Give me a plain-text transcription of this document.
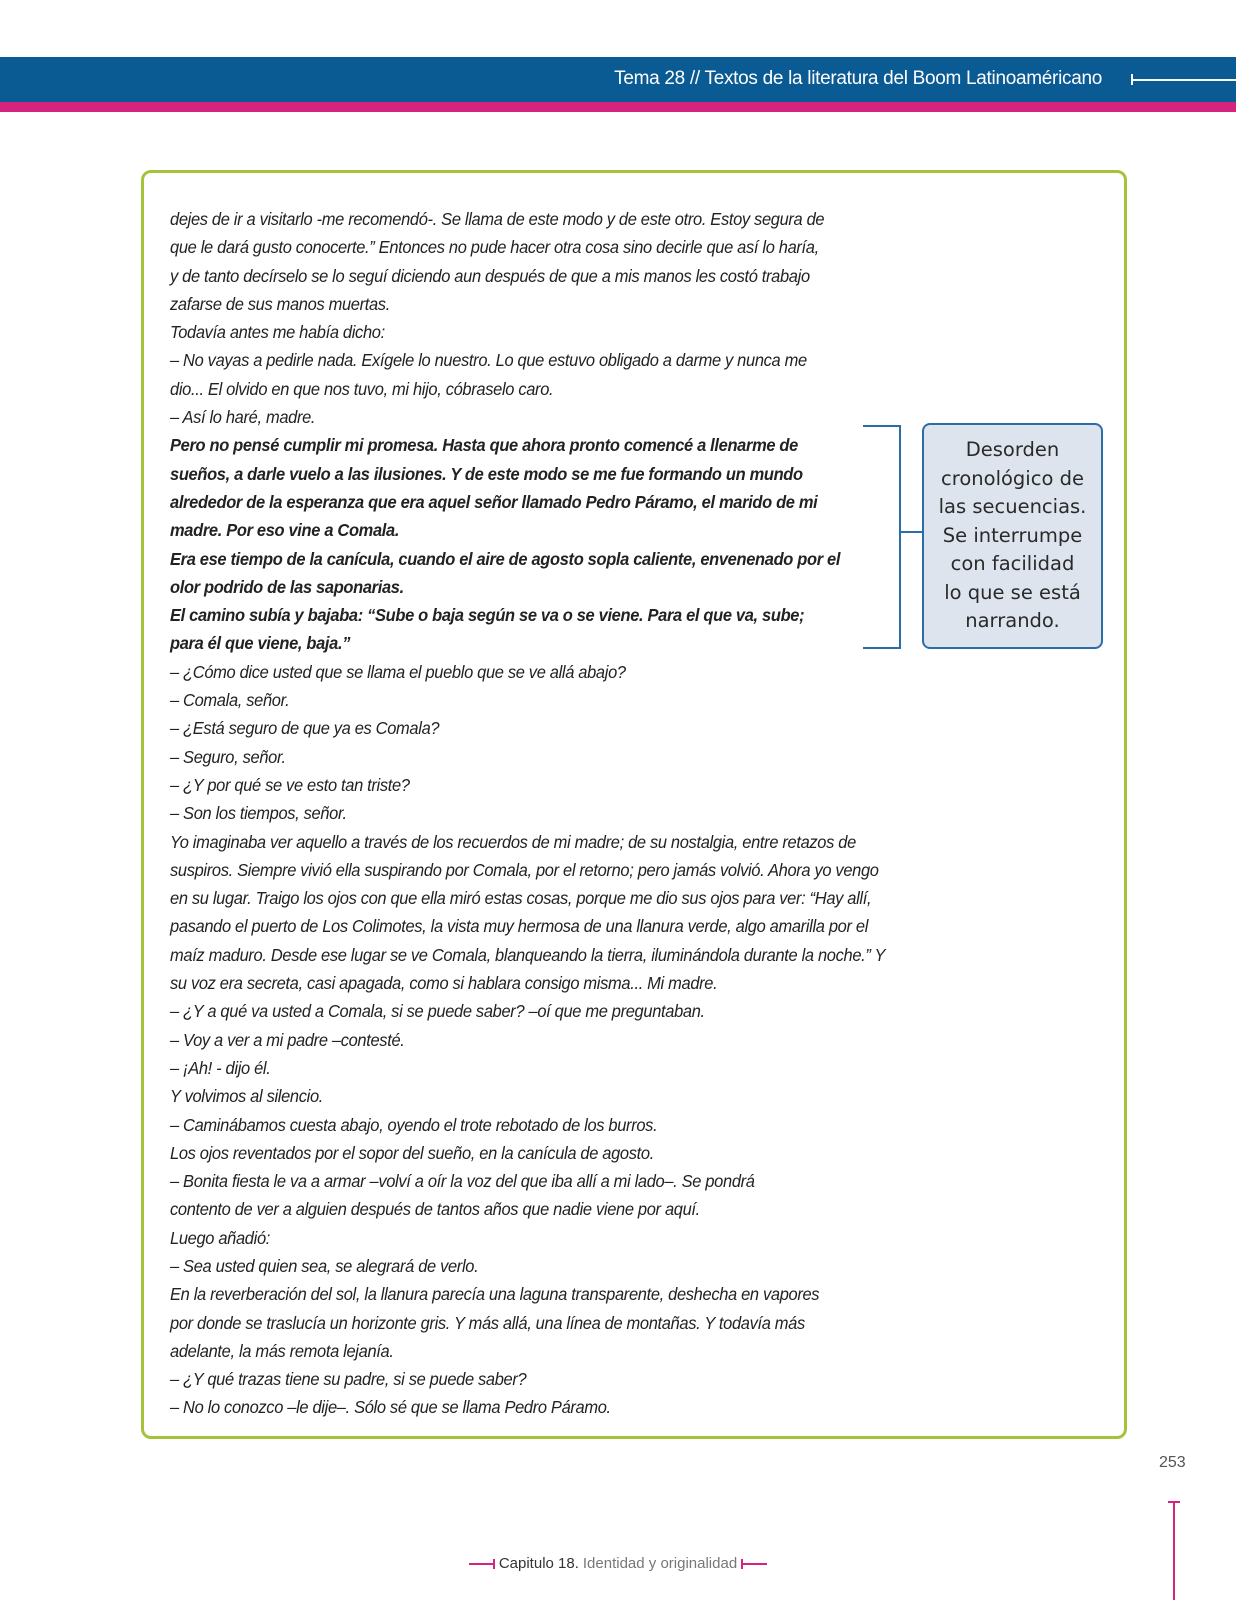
Tema 28 // Textos de la literatura del Boom Latinoaméricano
dejes de ir a visitarlo -me recomendó-. Se llama de este modo y de este otro. Estoy segura de
que le dará gusto conocerte.” Entonces no pude hacer otra cosa sino decirle que así lo haría,
y de tanto decírselo se lo seguí diciendo aun después de que a mis manos les costó trabajo
zafarse de sus manos muertas.
Todavía antes me había dicho:
– No vayas a pedirle nada. Exígele lo nuestro. Lo que estuvo obligado a darme y nunca me
dio... El olvido en que nos tuvo, mi hijo, cóbraselo caro.
– Así lo haré, madre.
Pero no pensé cumplir mi promesa. Hasta que ahora pronto comencé a llenarme de
sueños, a darle vuelo a las ilusiones. Y de este modo se me fue formando un mundo
alrededor de la esperanza que era aquel señor llamado Pedro Páramo, el marido de mi
madre. Por eso vine a Comala.
Era ese tiempo de la canícula, cuando el aire de agosto sopla caliente, envenenado por el
olor podrido de las saponarias.
El camino subía y bajaba: “Sube o baja según se va o se viene. Para el que va, sube;
para él que viene, baja.”
– ¿Cómo dice usted que se llama el pueblo que se ve allá abajo?
– Comala, señor.
– ¿Está seguro de que ya es Comala?
– Seguro, señor.
– ¿Y por qué se ve esto tan triste?
– Son los tiempos, señor.
Yo imaginaba ver aquello a través de los recuerdos de mi madre; de su nostalgia, entre retazos de
suspiros. Siempre vivió ella suspirando por Comala, por el retorno; pero jamás volvió. Ahora yo vengo
en su lugar. Traigo los ojos con que ella miró estas cosas, porque me dio sus ojos para ver: “Hay allí,
pasando el puerto de Los Colimotes, la vista muy hermosa de una llanura verde, algo amarilla por el
maíz maduro. Desde ese lugar se ve Comala, blanqueando la tierra, iluminándola durante la noche.” Y
su voz era secreta, casi apagada, como si hablara consigo misma... Mi madre.
– ¿Y a qué va usted a Comala, si se puede saber? –oí que me preguntaban.
– Voy a ver a mi padre –contesté.
– ¡Ah! - dijo él.
Y volvimos al silencio.
– Caminábamos cuesta abajo, oyendo el trote rebotado de los burros.
Los ojos reventados por el sopor del sueño, en la canícula de agosto.
– Bonita fiesta le va a armar –volví a oír la voz del que iba allí a mi lado–. Se pondrá
contento de ver a alguien después de tantos años que nadie viene por aquí.
Luego añadió:
– Sea usted quien sea, se alegrará de verlo.
En la reverberación del sol, la llanura parecía una laguna transparente, deshecha en vapores
por donde se traslucía un horizonte gris. Y más allá, una línea de montañas. Y todavía más
adelante, la más remota lejanía.
– ¿Y qué trazas tiene su padre, si se puede saber?
– No lo conozco –le dije–. Sólo sé que se llama Pedro Páramo.
Desorden
cronológico de
las secuencias.
Se interrumpe
con facilidad
lo que se está
narrando.
253
Capitulo 18. Identidad y originalidad
